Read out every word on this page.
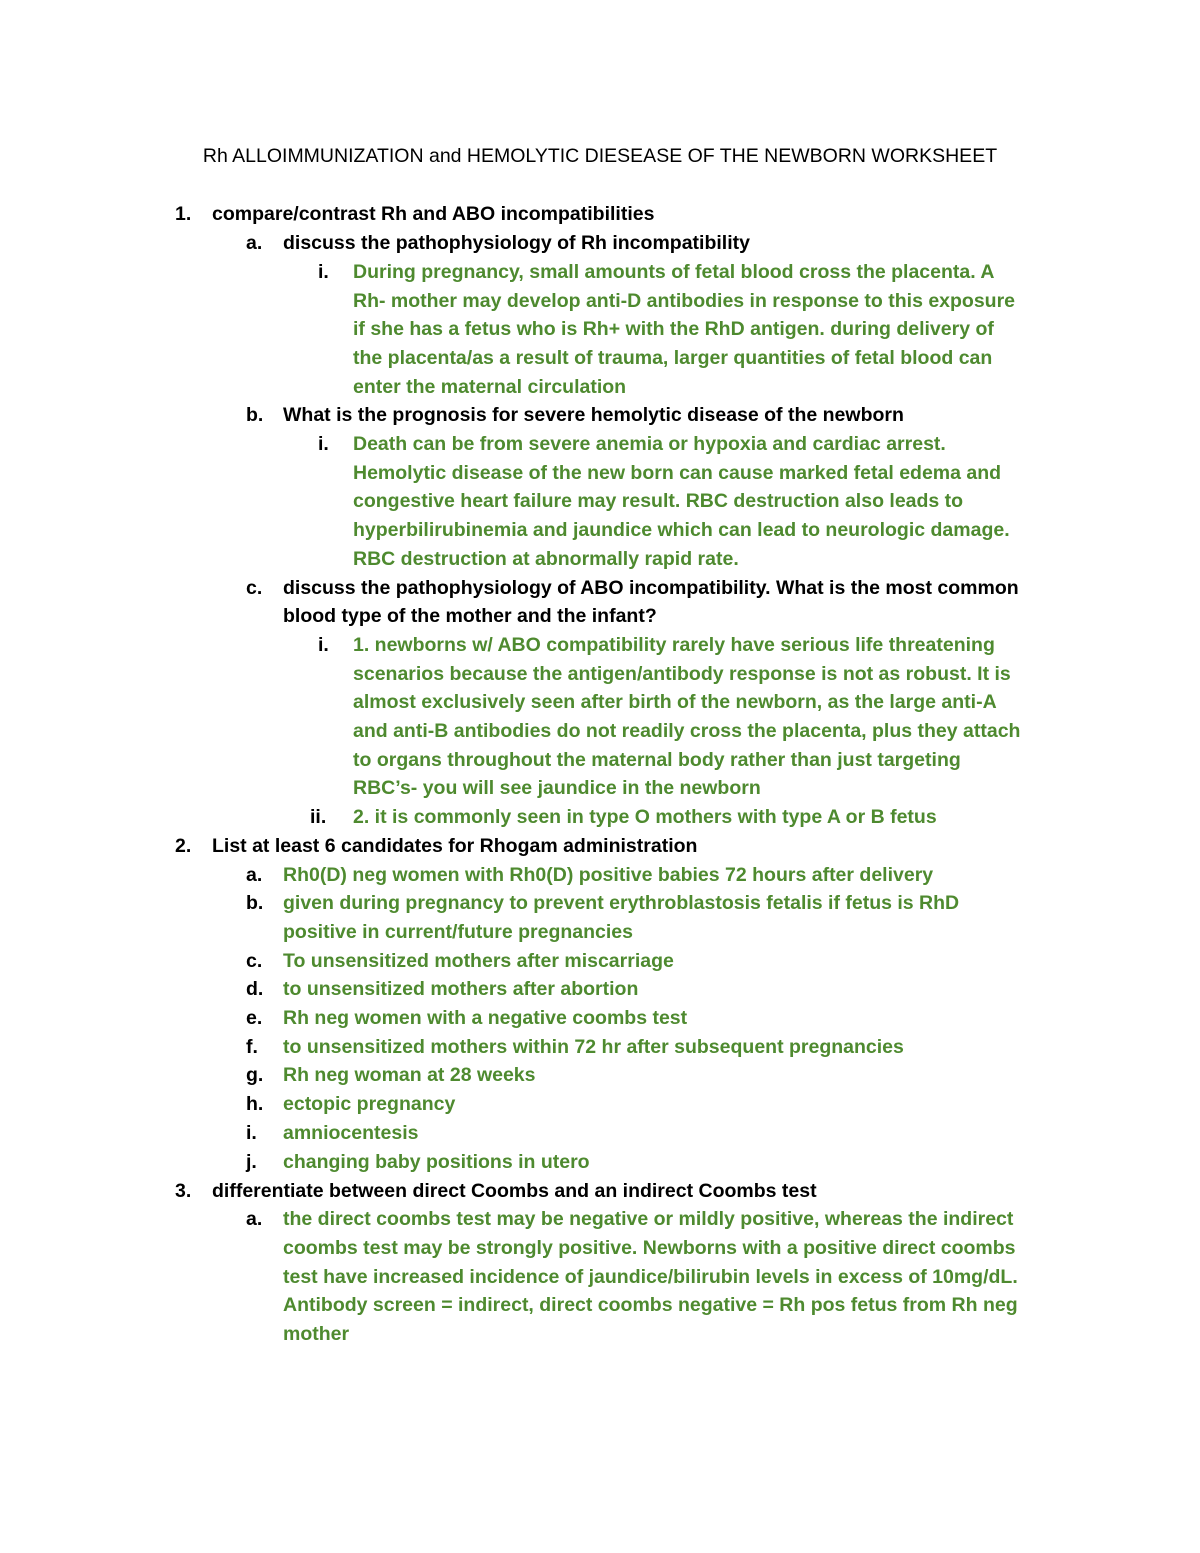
Rh ALLOIMMUNIZATION and HEMOLYTIC DIESEASE OF THE NEWBORN WORKSHEET
1. compare/contrast Rh and ABO incompatibilities
a. discuss the pathophysiology of Rh incompatibility
i. During pregnancy, small amounts of fetal blood cross the placenta. A
Rh- mother may develop anti-D antibodies in response to this exposure
if she has a fetus who is Rh+ with the RhD antigen. during delivery of
the placenta/as a result of trauma, larger quantities of fetal blood can
enter the maternal circulation
b. What is the prognosis for severe hemolytic disease of the newborn
i. Death can be from severe anemia or hypoxia and cardiac arrest.
Hemolytic disease of the new born can cause marked fetal edema and
congestive heart failure may result. RBC destruction also leads to
hyperbilirubinemia and jaundice which can lead to neurologic damage.
RBC destruction at abnormally rapid rate.
c. discuss the pathophysiology of ABO incompatibility. What is the most common
blood type of the mother and the infant?
i. 1. newborns w/ ABO compatibility rarely have serious life threatening
scenarios because the antigen/antibody response is not as robust. It is
almost exclusively seen after birth of the newborn, as the large anti-A
and anti-B antibodies do not readily cross the placenta, plus they attach
to organs throughout the maternal body rather than just targeting
RBC’s- you will see jaundice in the newborn
ii. 2. it is commonly seen in type O mothers with type A or B fetus
2. List at least 6 candidates for Rhogam administration
a. Rh0(D) neg women with Rh0(D) positive babies 72 hours after delivery
b. given during pregnancy to prevent erythroblastosis fetalis if fetus is RhD
positive in current/future pregnancies
c. To unsensitized mothers after miscarriage
d. to unsensitized mothers after abortion
e. Rh neg women with a negative coombs test
f. to unsensitized mothers within 72 hr after subsequent pregnancies
g. Rh neg woman at 28 weeks
h. ectopic pregnancy
i. amniocentesis
j. changing baby positions in utero
3. differentiate between direct Coombs and an indirect Coombs test
a. the direct coombs test may be negative or mildly positive, whereas the indirect
coombs test may be strongly positive. Newborns with a positive direct coombs
test have increased incidence of jaundice/bilirubin levels in excess of 10mg/dL.
Antibody screen = indirect, direct coombs negative = Rh pos fetus from Rh neg
mother
